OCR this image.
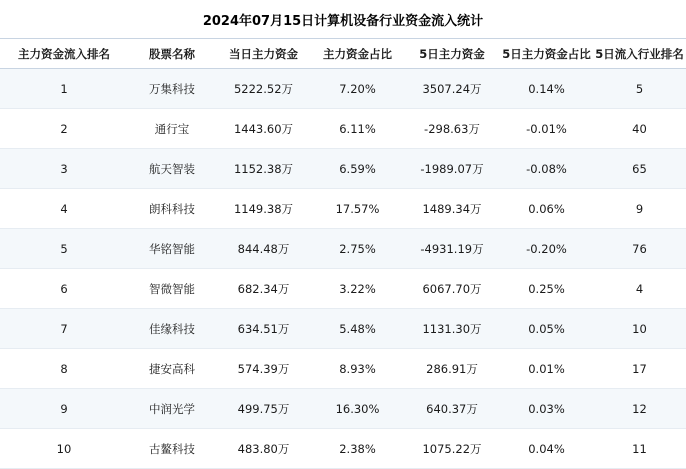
2024年07月15日计算机设备行业资金流入统计
主力资金流入排名	股票名称	当日主力资金	主力资金占比	5日主力资金	5日主力资金占比	5日流入行业排名
1	万集科技	5222.52万	7.20%	3507.24万	0.14%	5
2	通行宝	1443.60万	6.11%	-298.63万	-0.01%	40
3	航天智装	1152.38万	6.59%	-1989.07万	-0.08%	65
4	朗科科技	1149.38万	17.57%	1489.34万	0.06%	9
5	华铭智能	844.48万	2.75%	-4931.19万	-0.20%	76
6	智微智能	682.34万	3.22%	6067.70万	0.25%	4
7	佳缘科技	634.51万	5.48%	1131.30万	0.05%	10
8	捷安高科	574.39万	8.93%	286.91万	0.01%	17
9	中润光学	499.75万	16.30%	640.37万	0.03%	12
10	古鳌科技	483.80万	2.38%	1075.22万	0.04%	11
